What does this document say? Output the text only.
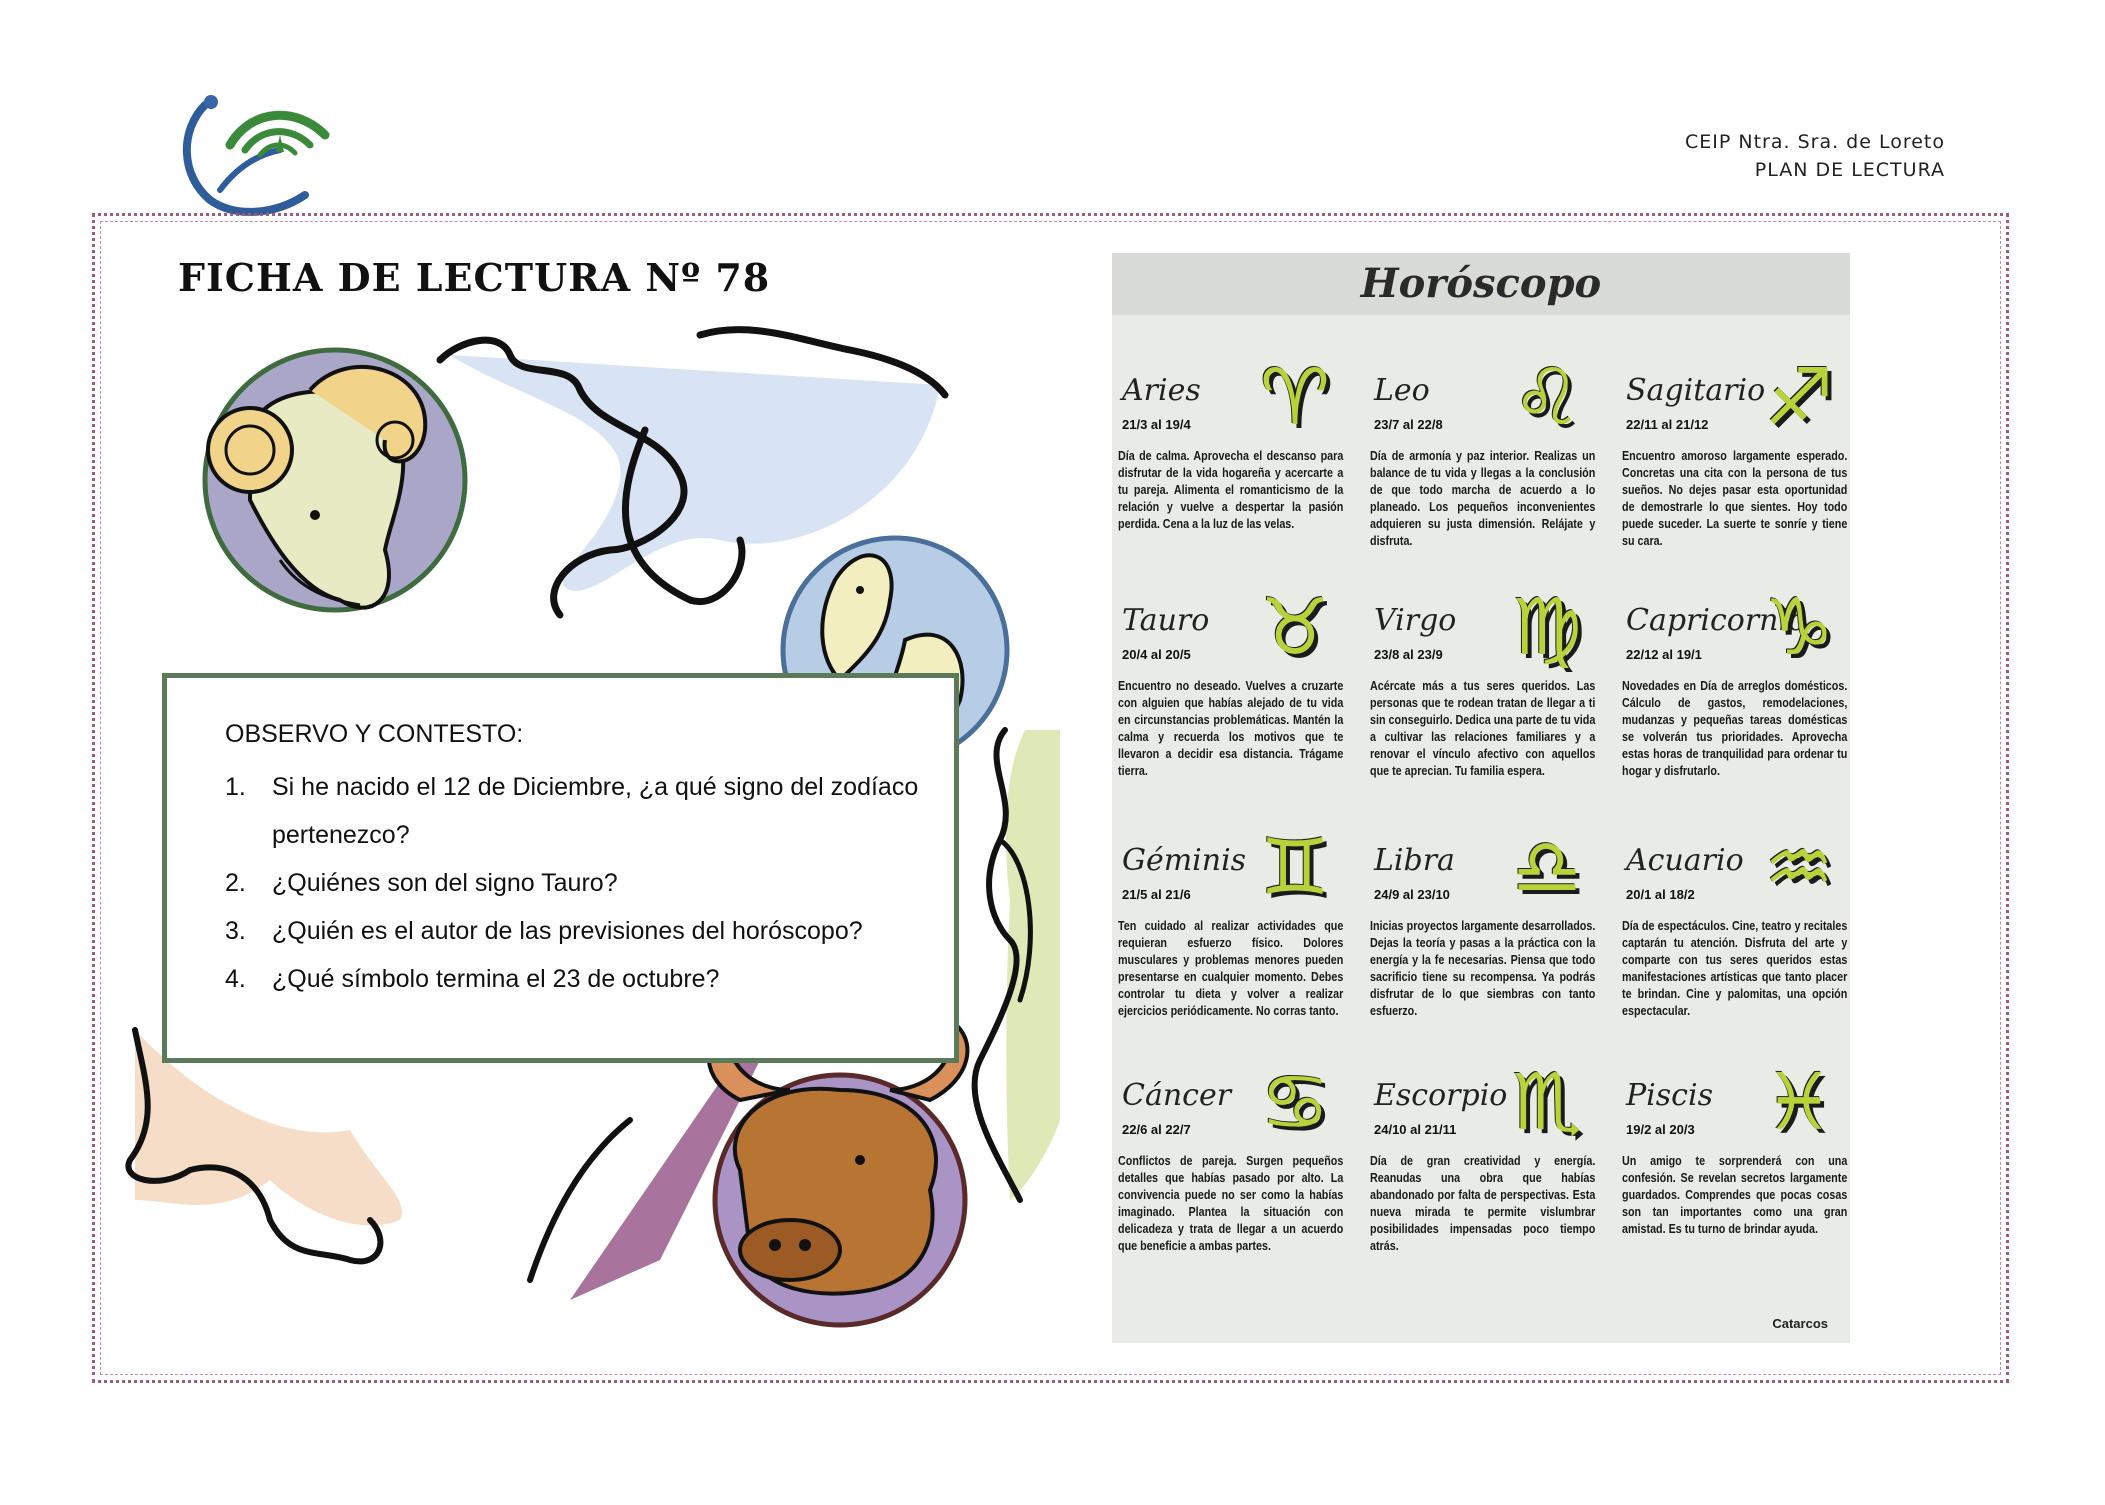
CEIP Ntra. Sra. de Loreto
PLAN DE LECTURA
FICHA DE LECTURA Nº 78
OBSERVO Y CONTESTO:
1.	Si he nacido el 12 de Diciembre, ¿a qué signo del zodíaco pertenezco?
2.	¿Quiénes son del signo Tauro?
3.	¿Quién es el autor de las previsiones del horóscopo?
4.	¿Qué símbolo termina el 23 de octubre?
Horóscopo
Aries
21/3 al 19/4 ♈
Día de calma. Aprovecha el descanso para disfrutar de la vida hogareña y acercarte a tu pareja. Alimenta el romanticismo de la relación y vuelve a despertar la pasión perdida. Cena a la luz de las velas.
Leo
23/7 al 22/8 ♌
Día de armonía y paz interior. Realizas un balance de tu vida y llegas a la conclusión de que todo marcha de acuerdo a lo planeado. Los pequeños inconvenientes adquieren su justa dimensión. Relájate y disfruta.
Sagitario
22/11 al 21/12 ♐
Encuentro amoroso largamente esperado. Concretas una cita con la persona de tus sueños. No dejes pasar esta oportunidad de demostrarle lo que sientes. Hoy todo puede suceder. La suerte te sonríe y tiene su cara.
Tauro
20/4 al 20/5 ♉
Encuentro no deseado. Vuelves a cruzarte con alguien que habías alejado de tu vida en circunstancias problemáticas. Mantén la calma y recuerda los motivos que te llevaron a decidir esa distancia. Trágame tierra.
Virgo
23/8 al 23/9 ♍
Acércate más a tus seres queridos. Las personas que te rodean tratan de llegar a ti sin conseguirlo. Dedica una parte de tu vida a cultivar las relaciones familiares y a renovar el vínculo afectivo con aquellos que te aprecian. Tu familia espera.
Capricornio
22/12 al 19/1 ♑
Novedades en Día de arreglos domésticos. Cálculo de gastos, remodelaciones, mudanzas y pequeñas tareas domésticas se volverán tus prioridades. Aprovecha estas horas de tranquilidad para ordenar tu hogar y disfrutarlo.
Géminis
21/5 al 21/6 ♊
Ten cuidado al realizar actividades que requieran esfuerzo físico. Dolores musculares y problemas menores pueden presentarse en cualquier momento. Debes controlar tu dieta y volver a realizar ejercicios periódicamente. No corras tanto.
Libra
24/9 al 23/10 ♎
Inicias proyectos largamente desarrollados. Dejas la teoría y pasas a la práctica con la energía y la fe necesarias. Piensa que todo sacrificio tiene su recompensa. Ya podrás disfrutar de lo que siembras con tanto esfuerzo.
Acuario
20/1 al 18/2 ♒
Día de espectáculos. Cine, teatro y recitales captarán tu atención. Disfruta del arte y comparte con tus seres queridos estas manifestaciones artísticas que tanto placer te brindan. Cine y palomitas, una opción espectacular.
Cáncer
22/6 al 22/7 ♋
Conflictos de pareja. Surgen pequeños detalles que habías pasado por alto. La convivencia puede no ser como la habías imaginado. Plantea la situación con delicadeza y trata de llegar a un acuerdo que beneficie a ambas partes.
Escorpio
24/10 al 21/11 ♏
Día de gran creatividad y energía. Reanudas una obra que habías abandonado por falta de perspectivas. Esta nueva mirada te permite vislumbrar posibilidades impensadas poco tiempo atrás.
Piscis
19/2 al 20/3 ♓
Un amigo te sorprenderá con una confesión. Se revelan secretos largamente guardados. Comprendes que pocas cosas son tan importantes como una gran amistad. Es tu turno de brindar ayuda.
Catarcos
